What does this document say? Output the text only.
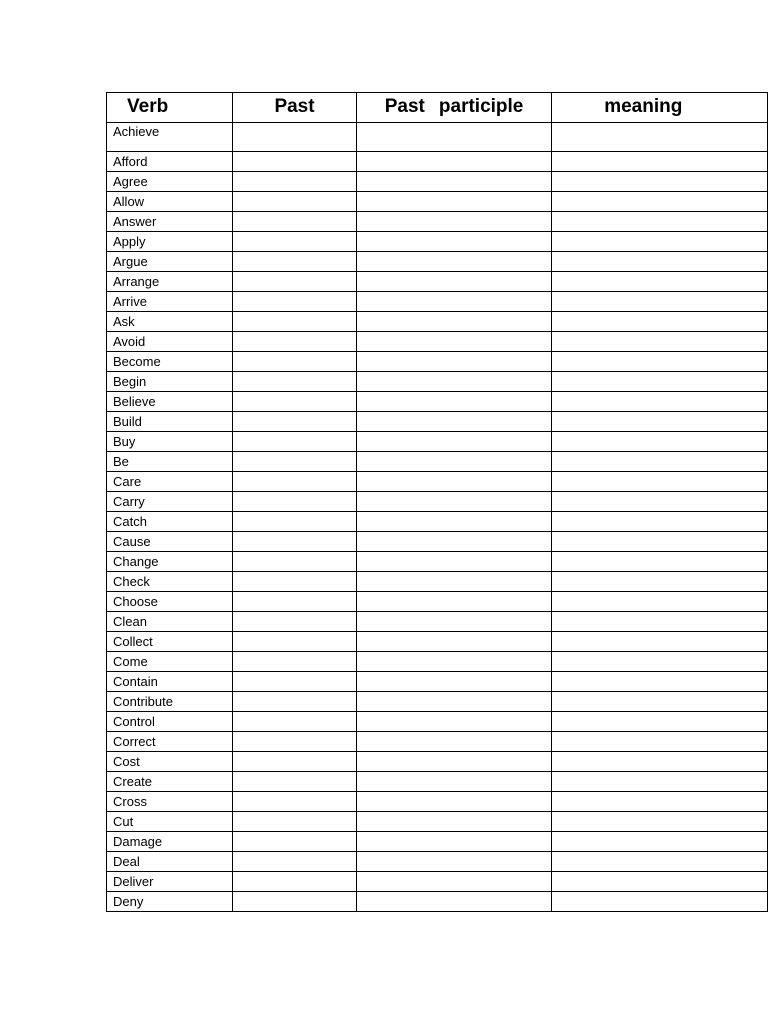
Verb	Past	Past participle	meaning
Achieve			
Afford			
Agree			
Allow			
Answer			
Apply			
Argue			
Arrange			
Arrive			
Ask			
Avoid			
Become			
Begin			
Believe			
Build			
Buy			
Be			
Care			
Carry			
Catch			
Cause			
Change			
Check			
Choose			
Clean			
Collect			
Come			
Contain			
Contribute			
Control			
Correct			
Cost			
Create			
Cross			
Cut			
Damage			
Deal			
Deliver			
Deny			
